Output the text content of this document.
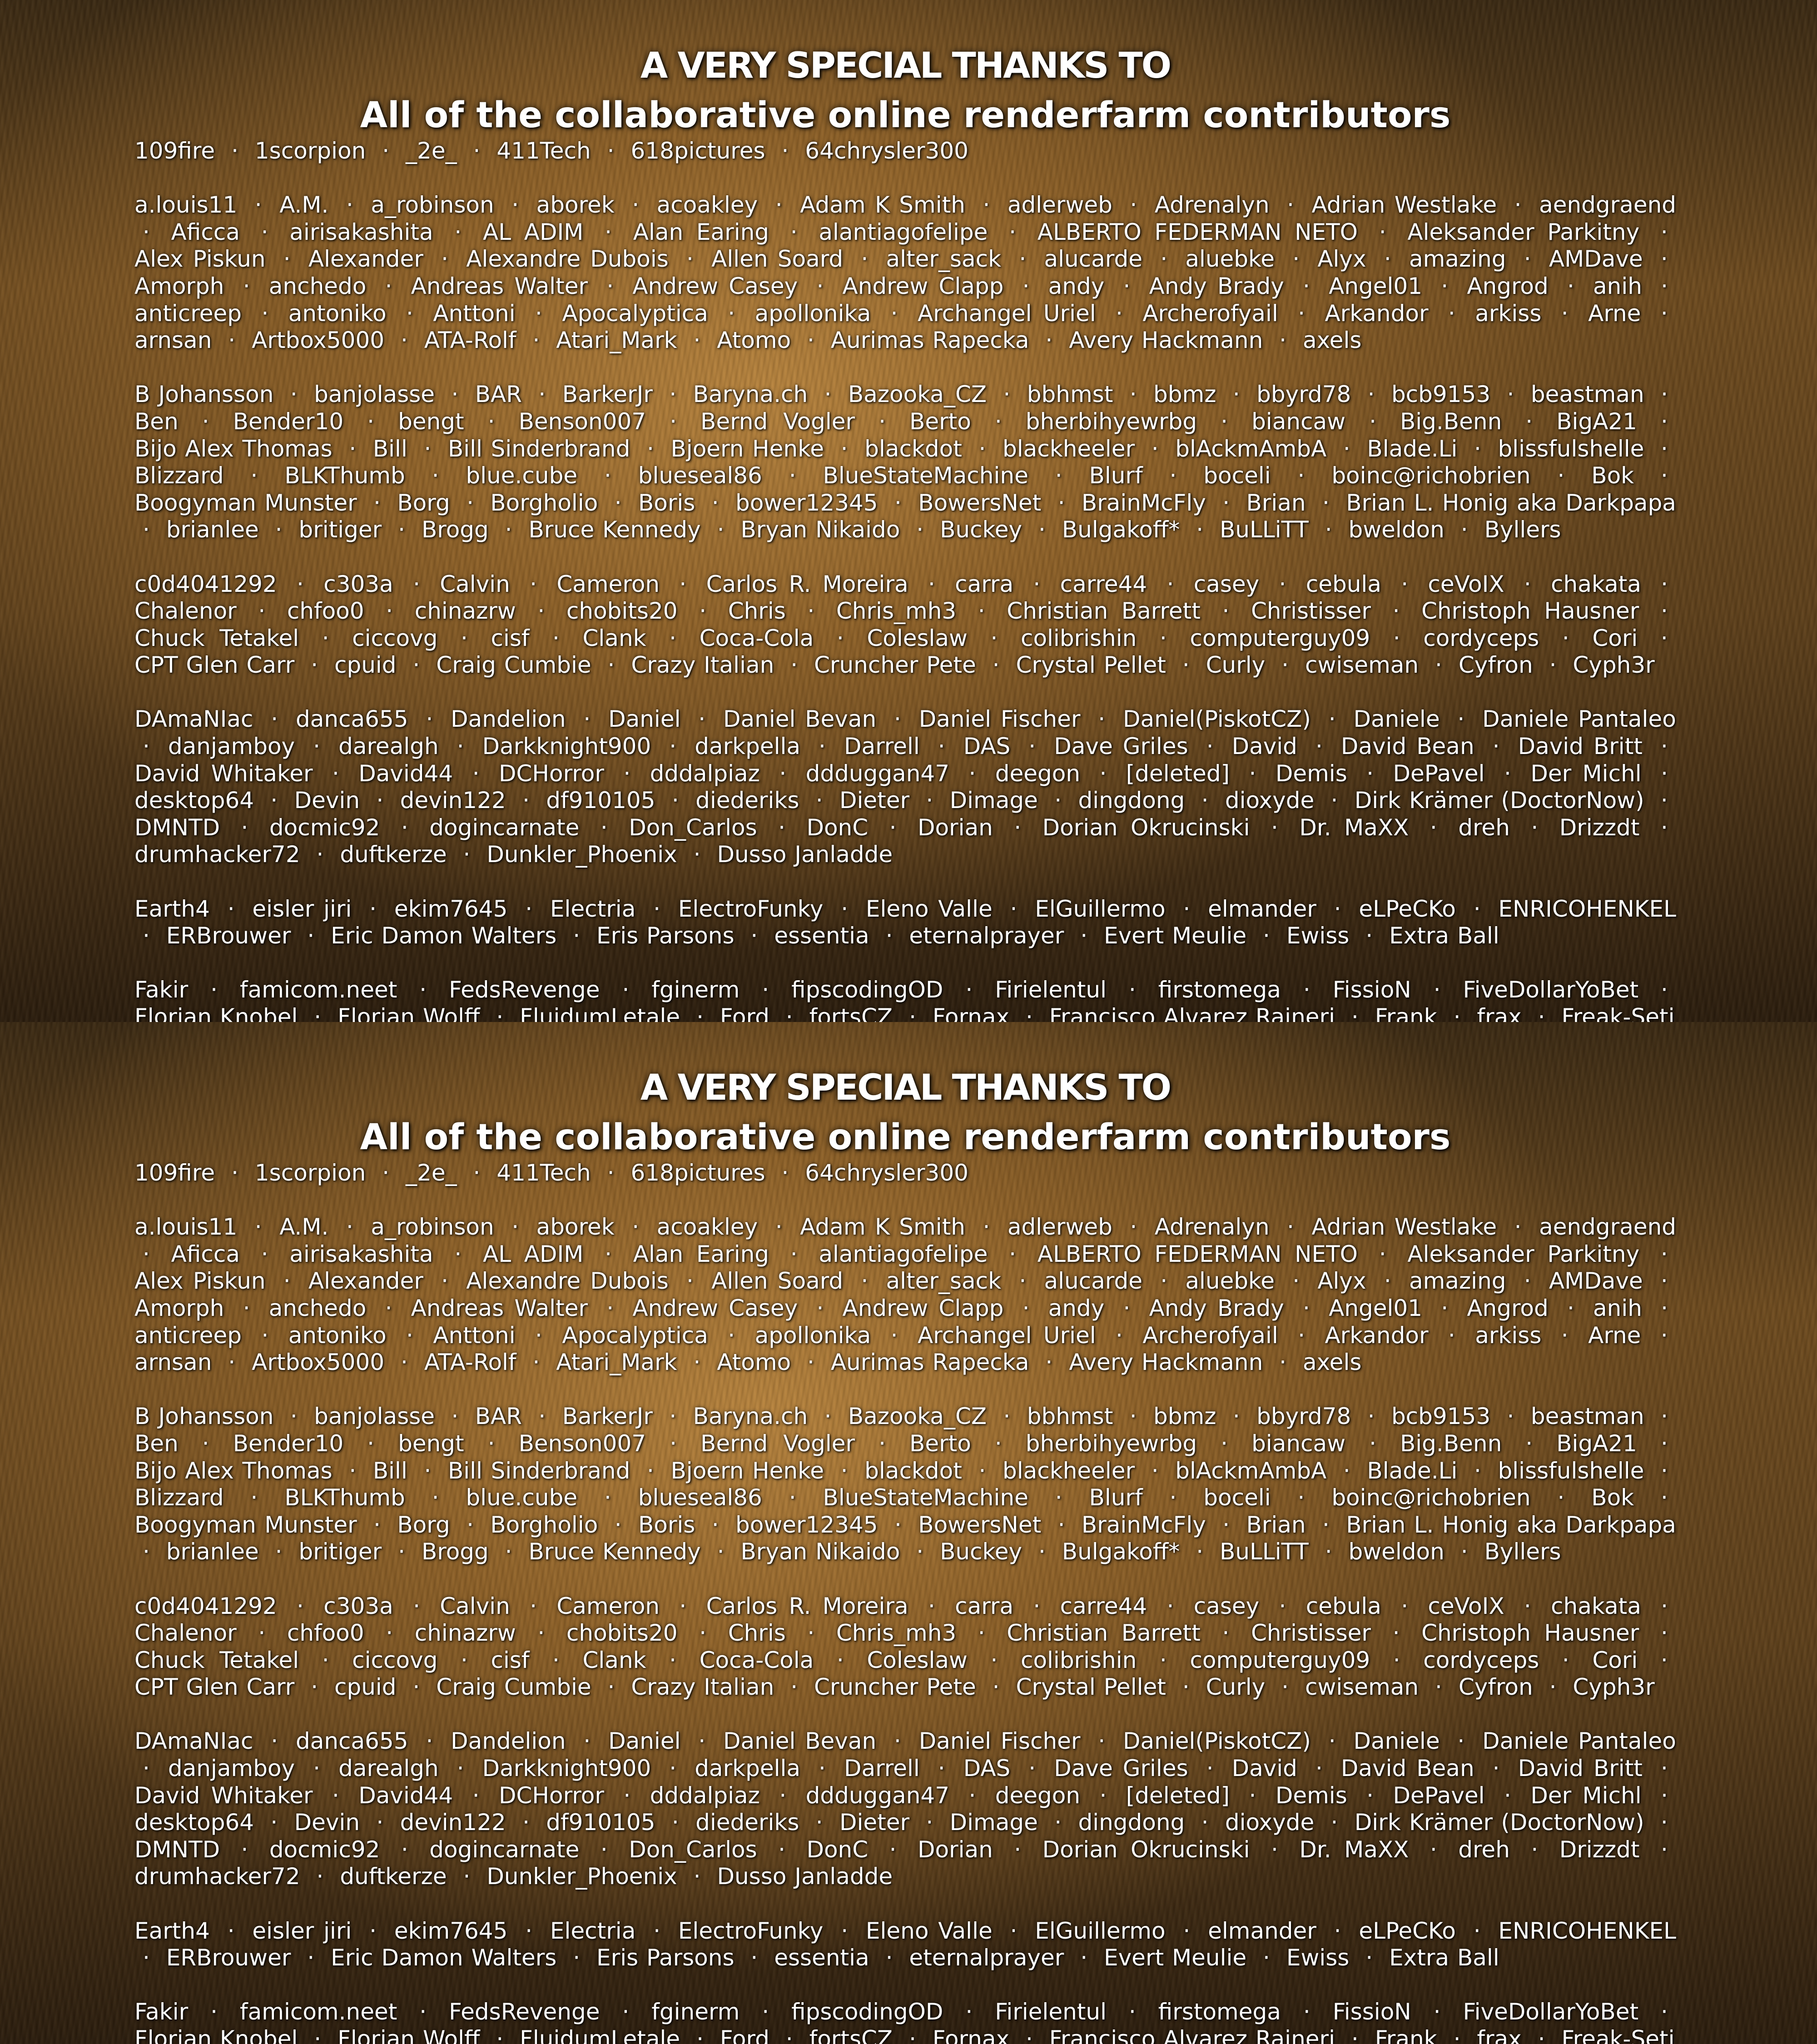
A VERY SPECIAL THANKS TO
All of the collaborative online renderfarm contributors
109fire · 1scorpion · _2e_ · 411Tech · 618pictures · 64chrysler300
a.louis11 · A.M. · a_robinson · aborek · acoakley · Adam K Smith · adlerweb · Adrenalyn · Adrian Westlake · aendgraend · Aficca · airisakashita · AL ADIM · Alan Earing · alantiagofelipe · ALBERTO FEDERMAN NETO · Aleksander Parkitny · Alex Piskun · Alexander · Alexandre Dubois · Allen Soard · alter_sack · alucarde · aluebke · Alyx · amazing · AMDave · Amorph · anchedo · Andreas Walter · Andrew Casey · Andrew Clapp · andy · Andy Brady · Angel01 · Angrod · anih · anticreep · antoniko · Anttoni · Apocalyptica · apollonika · Archangel Uriel · Archerofyail · Arkandor · arkiss · Arne · arnsan · Artbox5000 · ATA-Rolf · Atari_Mark · Atomo · Aurimas Rapecka · Avery Hackmann · axels
B Johansson · banjolasse · BAR · BarkerJr · Baryna.ch · Bazooka_CZ · bbhmst · bbmz · bbyrd78 · bcb9153 · beastman · Ben · Bender10 · bengt · Benson007 · Bernd Vogler · Berto · bherbihyewrbg · biancaw · Big.Benn · BigA21 · Bijo Alex Thomas · Bill · Bill Sinderbrand · Bjoern Henke · blackdot · blackheeler · blAckmAmbA · Blade.Li · blissfulshelle · Blizzard · BLKThumb · blue.cube · blueseal86 · BlueStateMachine · Blurf · boceli · boinc@richobrien · Bok · Boogyman Munster · Borg · Borgholio · Boris · bower12345 · BowersNet · BrainMcFly · Brian · Brian L. Honig aka Darkpapa · brianlee · britiger · Brogg · Bruce Kennedy · Bryan Nikaido · Buckey · Bulgakoff* · BuLLiTT · bweldon · Byllers
c0d4041292 · c303a · Calvin · Cameron · Carlos R. Moreira · carra · carre44 · casey · cebula · ceVoIX · chakata · Chalenor · chfoo0 · chinazrw · chobits20 · Chris · Chris_mh3 · Christian Barrett · Christisser · Christoph Hausner · Chuck Tetakel · ciccovg · cisf · Clank · Coca-Cola · Coleslaw · colibrishin · computerguy09 · cordyceps · Cori · CPT Glen Carr · cpuid · Craig Cumbie · Crazy Italian · Cruncher Pete · Crystal Pellet · Curly · cwiseman · Cyfron · Cyph3r
DAmaNIac · danca655 · Dandelion · Daniel · Daniel Bevan · Daniel Fischer · Daniel(PiskotCZ) · Daniele · Daniele Pantaleo · danjamboy · darealgh · Darkknight900 · darkpella · Darrell · DAS · Dave Griles · David · David Bean · David Britt · David Whitaker · David44 · DCHorror · dddalpiaz · ddduggan47 · deegon · [deleted] · Demis · DePavel · Der Michl · desktop64 · Devin · devin122 · df910105 · diederiks · Dieter · Dimage · dingdong · dioxyde · Dirk Krämer (DoctorNow) · DMNTD · docmic92 · dogincarnate · Don_Carlos · DonC · Dorian · Dorian Okrucinski · Dr. MaXX · dreh · Drizzdt · drumhacker72 · duftkerze · Dunkler_Phoenix · Dusso Janladde
Earth4 · eisler jiri · ekim7645 · Electria · ElectroFunky · Eleno Valle · ElGuillermo · elmander · eLPeCKo · ENRICOHENKEL · ERBrouwer · Eric Damon Walters · Eris Parsons · essentia · eternalprayer · Evert Meulie · Ewiss · Extra Ball
Fakir · famicom.neet · FedsRevenge · fginerm · fipscodingOD · Firielentul · firstomega · FissioN · FiveDollarYoBet · Florian Knobel · Florian Wolff · FluidumLetale · Ford · fortsCZ · Fornax · Francisco Alvarez Raineri · Frank · frax · Freak-Seti
A VERY SPECIAL THANKS TO
All of the collaborative online renderfarm contributors
109fire · 1scorpion · _2e_ · 411Tech · 618pictures · 64chrysler300
a.louis11 · A.M. · a_robinson · aborek · acoakley · Adam K Smith · adlerweb · Adrenalyn · Adrian Westlake · aendgraend · Aficca · airisakashita · AL ADIM · Alan Earing · alantiagofelipe · ALBERTO FEDERMAN NETO · Aleksander Parkitny · Alex Piskun · Alexander · Alexandre Dubois · Allen Soard · alter_sack · alucarde · aluebke · Alyx · amazing · AMDave · Amorph · anchedo · Andreas Walter · Andrew Casey · Andrew Clapp · andy · Andy Brady · Angel01 · Angrod · anih · anticreep · antoniko · Anttoni · Apocalyptica · apollonika · Archangel Uriel · Archerofyail · Arkandor · arkiss · Arne · arnsan · Artbox5000 · ATA-Rolf · Atari_Mark · Atomo · Aurimas Rapecka · Avery Hackmann · axels
B Johansson · banjolasse · BAR · BarkerJr · Baryna.ch · Bazooka_CZ · bbhmst · bbmz · bbyrd78 · bcb9153 · beastman · Ben · Bender10 · bengt · Benson007 · Bernd Vogler · Berto · bherbihyewrbg · biancaw · Big.Benn · BigA21 · Bijo Alex Thomas · Bill · Bill Sinderbrand · Bjoern Henke · blackdot · blackheeler · blAckmAmbA · Blade.Li · blissfulshelle · Blizzard · BLKThumb · blue.cube · blueseal86 · BlueStateMachine · Blurf · boceli · boinc@richobrien · Bok · Boogyman Munster · Borg · Borgholio · Boris · bower12345 · BowersNet · BrainMcFly · Brian · Brian L. Honig aka Darkpapa · brianlee · britiger · Brogg · Bruce Kennedy · Bryan Nikaido · Buckey · Bulgakoff* · BuLLiTT · bweldon · Byllers
c0d4041292 · c303a · Calvin · Cameron · Carlos R. Moreira · carra · carre44 · casey · cebula · ceVoIX · chakata · Chalenor · chfoo0 · chinazrw · chobits20 · Chris · Chris_mh3 · Christian Barrett · Christisser · Christoph Hausner · Chuck Tetakel · ciccovg · cisf · Clank · Coca-Cola · Coleslaw · colibrishin · computerguy09 · cordyceps · Cori · CPT Glen Carr · cpuid · Craig Cumbie · Crazy Italian · Cruncher Pete · Crystal Pellet · Curly · cwiseman · Cyfron · Cyph3r
DAmaNIac · danca655 · Dandelion · Daniel · Daniel Bevan · Daniel Fischer · Daniel(PiskotCZ) · Daniele · Daniele Pantaleo · danjamboy · darealgh · Darkknight900 · darkpella · Darrell · DAS · Dave Griles · David · David Bean · David Britt · David Whitaker · David44 · DCHorror · dddalpiaz · ddduggan47 · deegon · [deleted] · Demis · DePavel · Der Michl · desktop64 · Devin · devin122 · df910105 · diederiks · Dieter · Dimage · dingdong · dioxyde · Dirk Krämer (DoctorNow) · DMNTD · docmic92 · dogincarnate · Don_Carlos · DonC · Dorian · Dorian Okrucinski · Dr. MaXX · dreh · Drizzdt · drumhacker72 · duftkerze · Dunkler_Phoenix · Dusso Janladde
Earth4 · eisler jiri · ekim7645 · Electria · ElectroFunky · Eleno Valle · ElGuillermo · elmander · eLPeCKo · ENRICOHENKEL · ERBrouwer · Eric Damon Walters · Eris Parsons · essentia · eternalprayer · Evert Meulie · Ewiss · Extra Ball
Fakir · famicom.neet · FedsRevenge · fginerm · fipscodingOD · Firielentul · firstomega · FissioN · FiveDollarYoBet · Florian Knobel · Florian Wolff · FluidumLetale · Ford · fortsCZ · Fornax · Francisco Alvarez Raineri · Frank · frax · Freak-Seti
